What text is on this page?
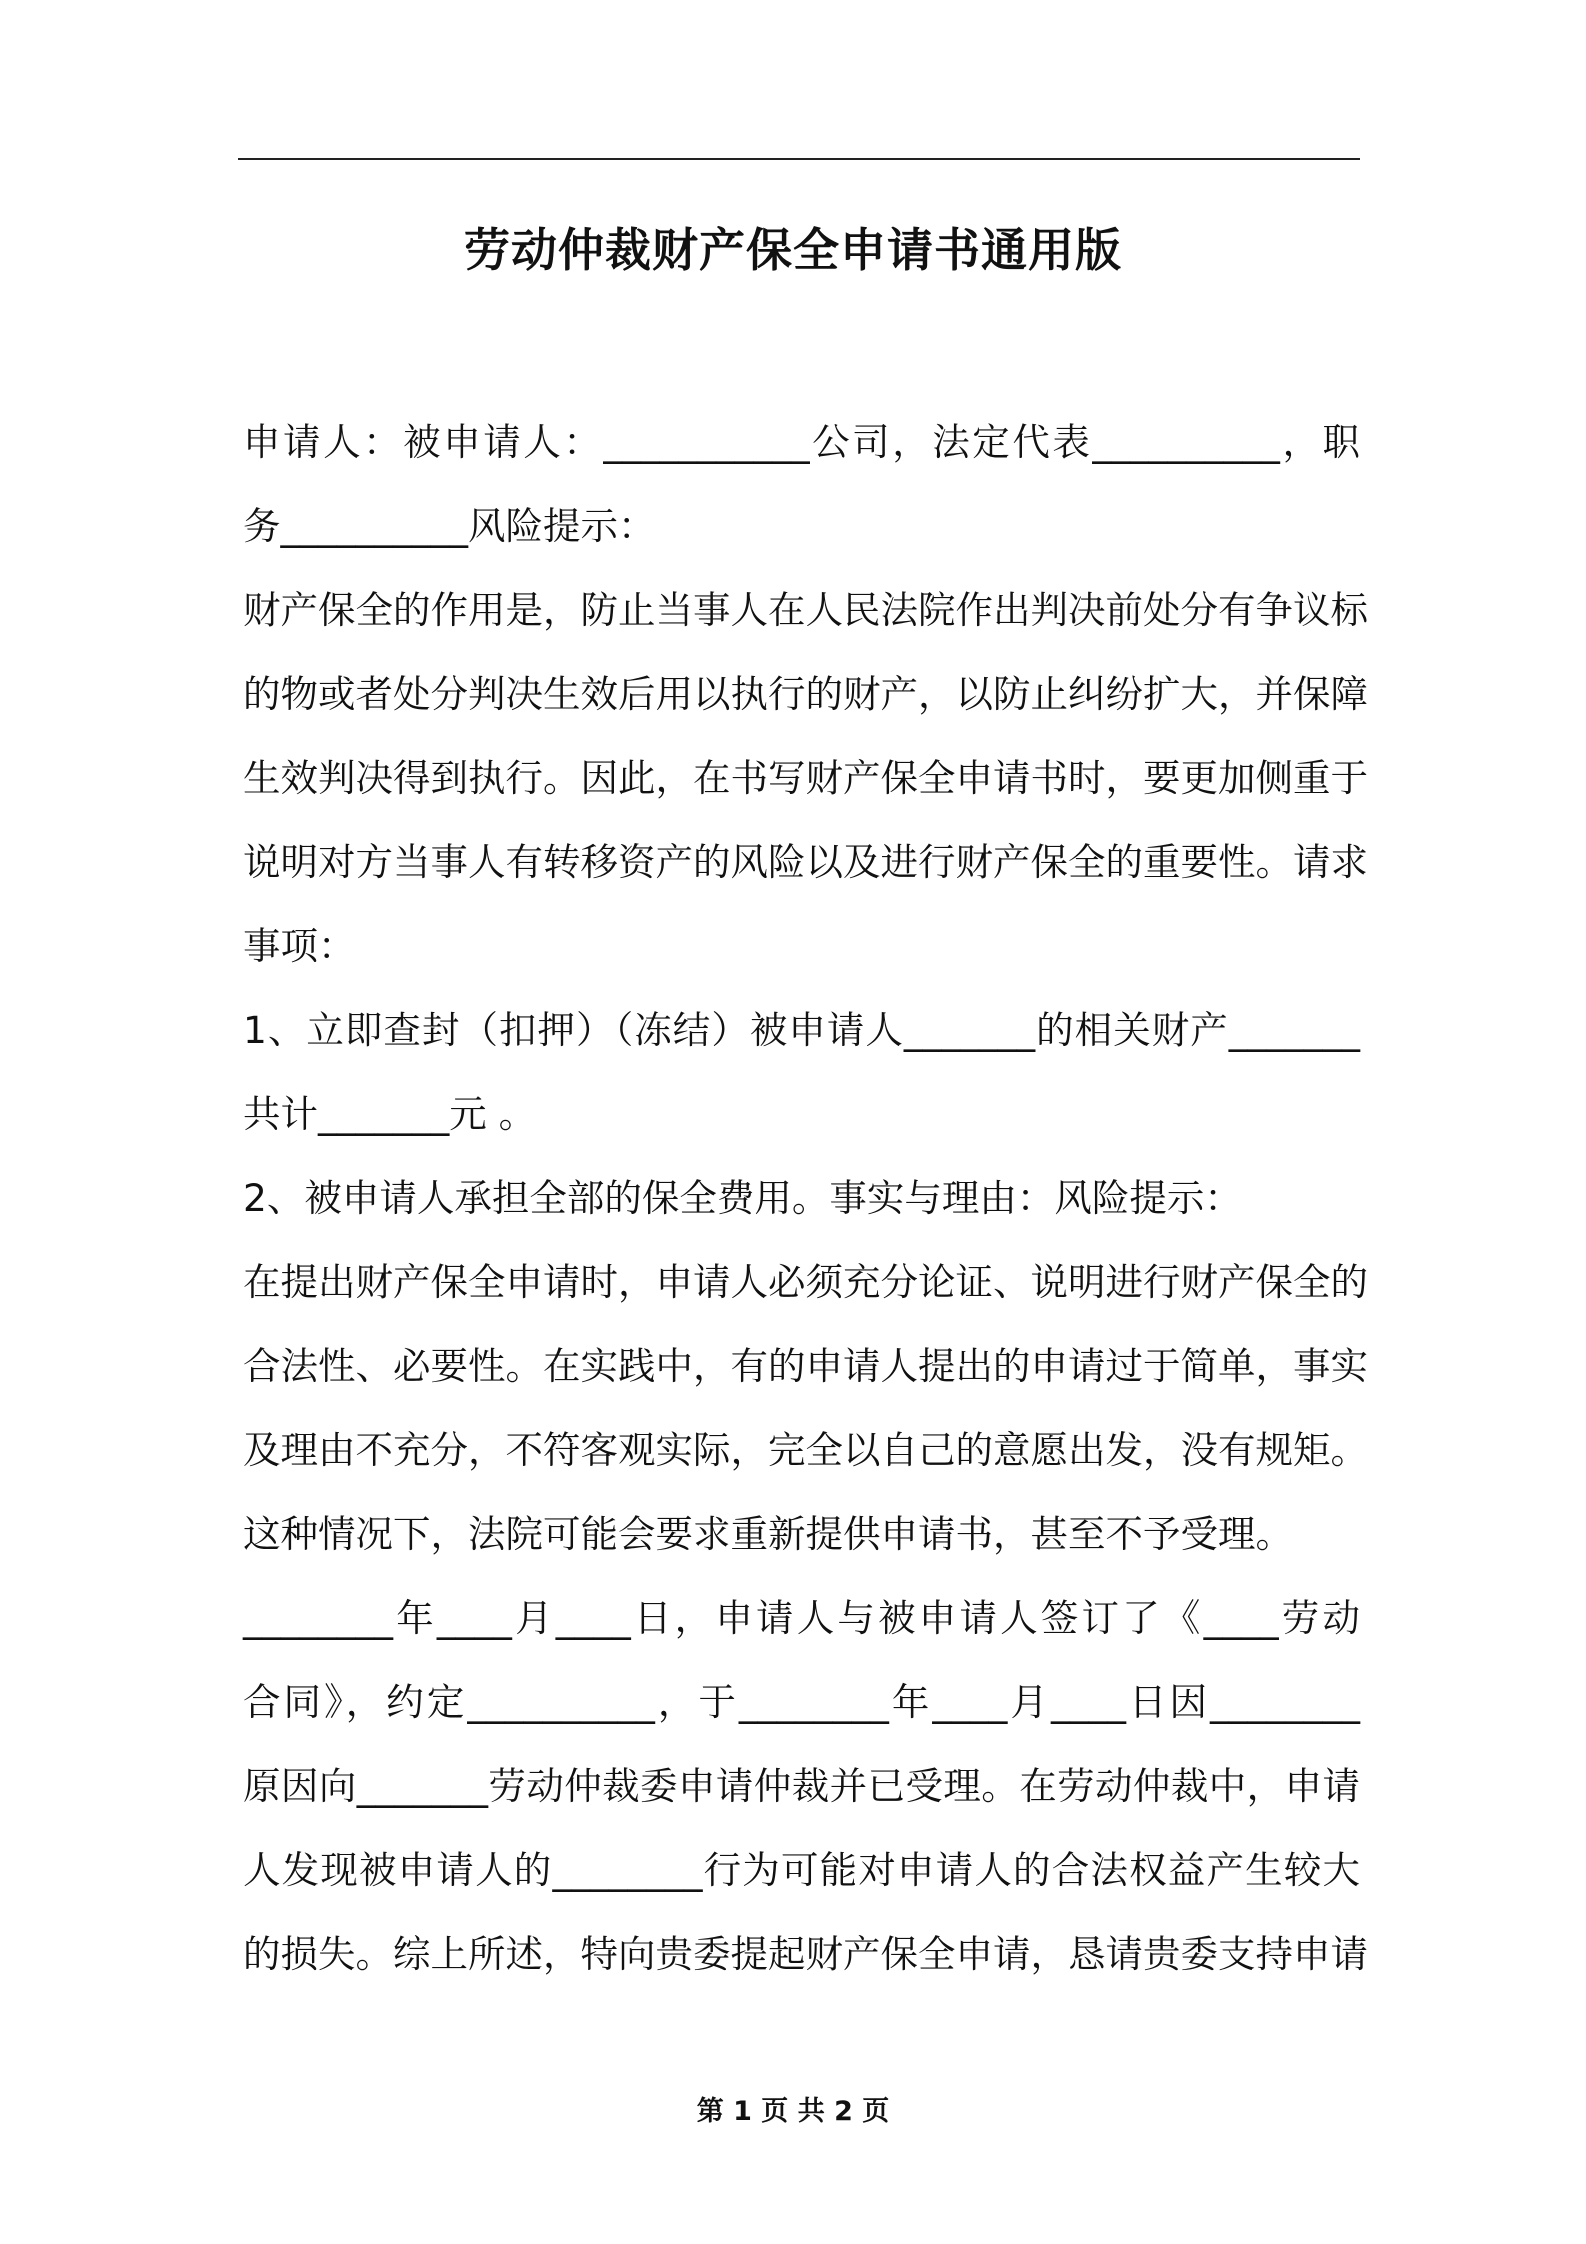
劳动仲裁财产保全申请书通用版
申请人：被申请人：___________公司，法定代表__________，职
务__________风险提示：
财产保全的作用是，防止当事人在人民法院作出判决前处分有争议标
的物或者处分判决生效后用以执行的财产，以防止纠纷扩大，并保障
生效判决得到执行。因此，在书写财产保全申请书时，要更加侧重于
说明对方当事人有转移资产的风险以及进行财产保全的重要性。请求
事项：
1、立即查封（扣押）（冻结）被申请人_______的相关财产_______
共计_______元 。
2、被申请人承担全部的保全费用。事实与理由：风险提示：
在提出财产保全申请时，申请人必须充分论证、说明进行财产保全的
合法性、必要性。在实践中，有的申请人提出的申请过于简单，事实
及理由不充分，不符客观实际，完全以自己的意愿出发，没有规矩。
这种情况下，法院可能会要求重新提供申请书，甚至不予受理。
________年____月____日，申请人与被申请人签订了《____劳动
合同》，约定__________，于________年____月____日因________
原因向_______劳动仲裁委申请仲裁并已受理。在劳动仲裁中，申请
人发现被申请人的________行为可能对申请人的合法权益产生较大
的损失。综上所述，特向贵委提起财产保全申请，恳请贵委支持申请
第 1 页 共 2 页
